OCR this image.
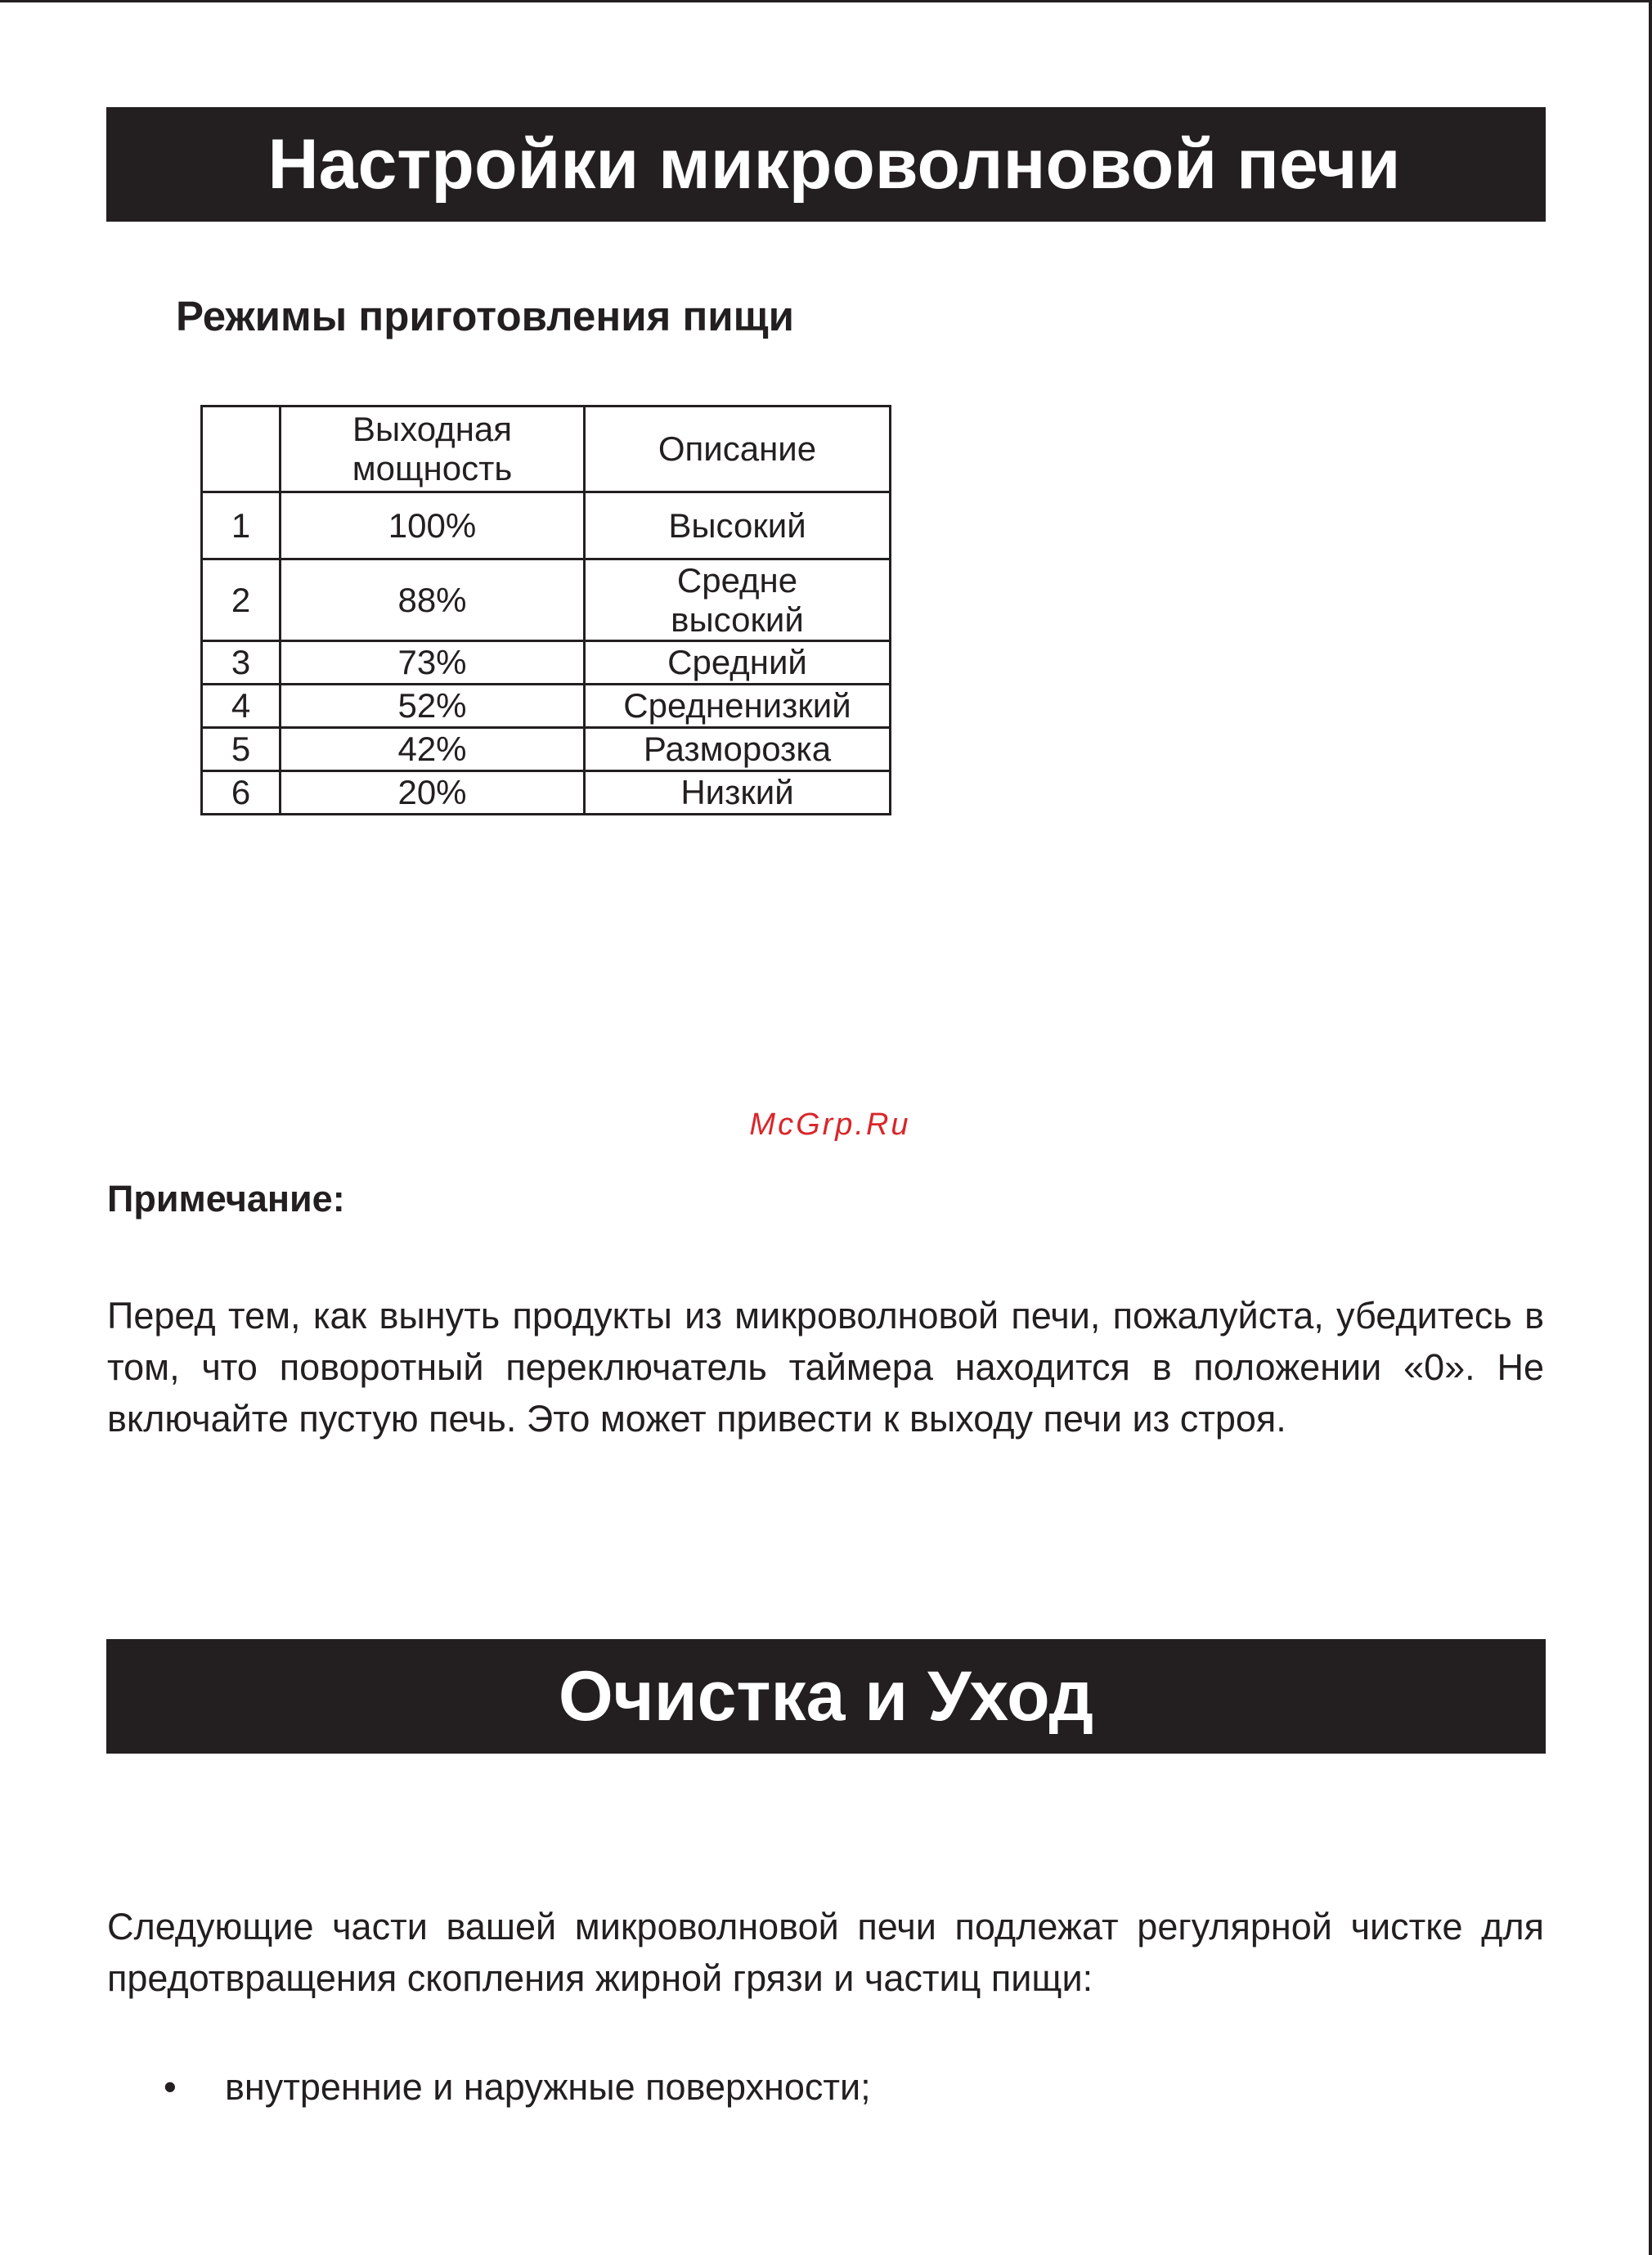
Настройки микроволновой печи
Режимы приготовления пищи

	Выходная мощность	Описание
1	100%	Высокий
2	88%	Средне высокий

3	73%	Средний
4	52%	Средненизкий
5	42%	Разморозка
6	20%	Низкий
McGrp.Ru
Примечание:
Перед тем, как вынуть продукты из микроволновой печи, пожалуйста, убедитесь в том, что поворотный переключатель таймера находится в положении «0». Не включайте пустую печь. Это может привести к выходу печи из строя.
Очистка и Уход
Следующие части вашей микроволновой печи подлежат регулярной чистке для предотвращения скопления жирной грязи и частиц пищи:
• внутренние и наружные поверхности;
